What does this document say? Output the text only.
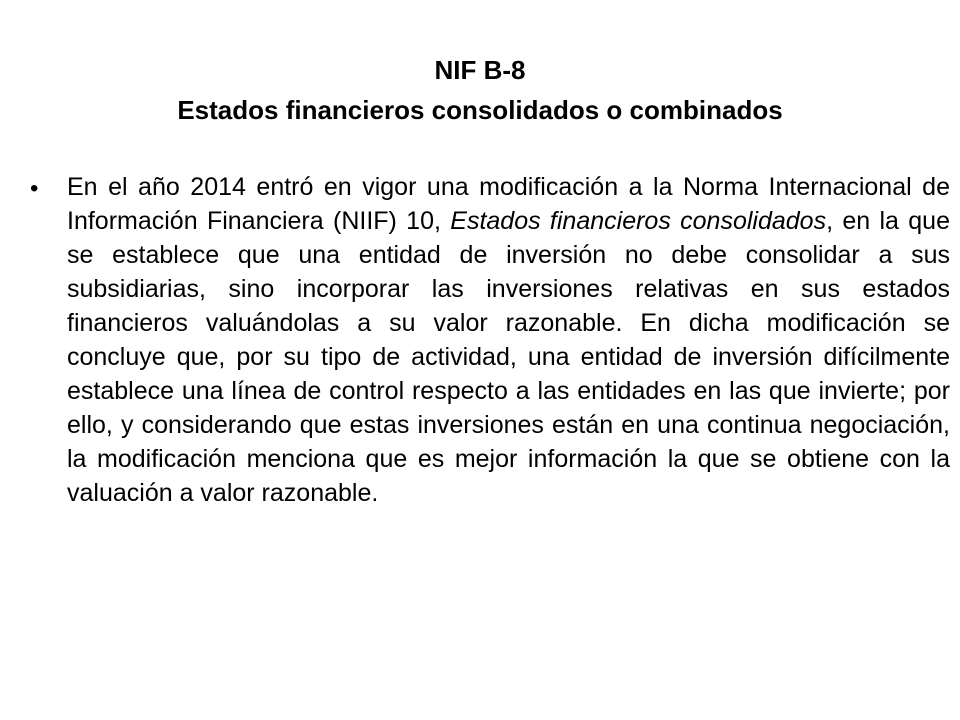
NIF B-8
Estados financieros consolidados o combinados
• En el año 2014 entró en vigor una modificación a la Norma Internacional de Información Financiera (NIIF) 10, Estados financieros consolidados, en la que se establece que una entidad de inversión no debe consolidar a sus subsidiarias, sino incorporar las inversiones relativas en sus estados financieros valuándolas a su valor razonable. En dicha modificación se concluye que, por su tipo de actividad, una entidad de inversión difícilmente establece una línea de control respecto a las entidades en las que invierte; por ello, y considerando que estas inversiones están en una continua negociación, la modificación menciona que es mejor información la que se obtiene con la valuación a valor razonable.
